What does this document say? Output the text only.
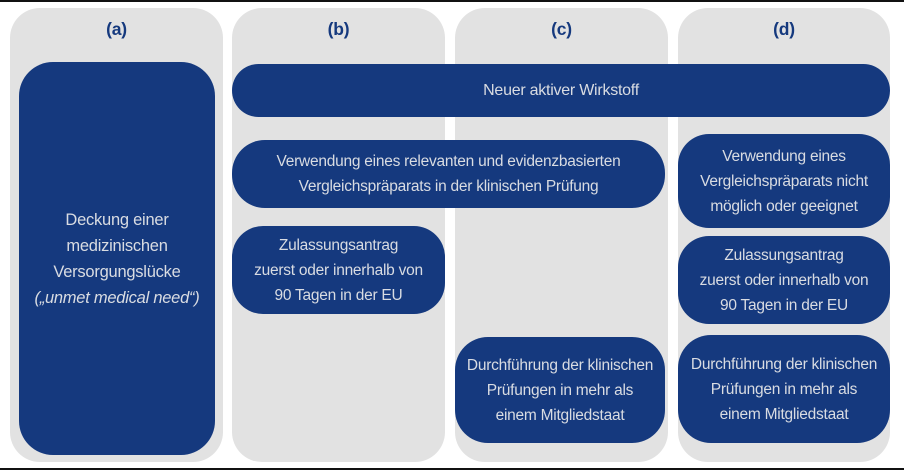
(a)	(b)	(c)	(d)
Deckung einer
medizinischen
Versorgungslücke
(„unmet medical need“)
Neuer aktiver Wirkstoff
Verwendung eines relevanten und evidenzbasierten
Vergleichspräparats in der klinischen Prüfung
Zulassungsantrag
zuerst oder innerhalb von
90 Tagen in der EU
Verwendung eines
Vergleichspräparats nicht
möglich oder geeignet
Zulassungsantrag
zuerst oder innerhalb von
90 Tagen in der EU
Durchführung der klinischen
Prüfungen in mehr als
einem Mitgliedstaat
Durchführung der klinischen
Prüfungen in mehr als
einem Mitgliedstaat
